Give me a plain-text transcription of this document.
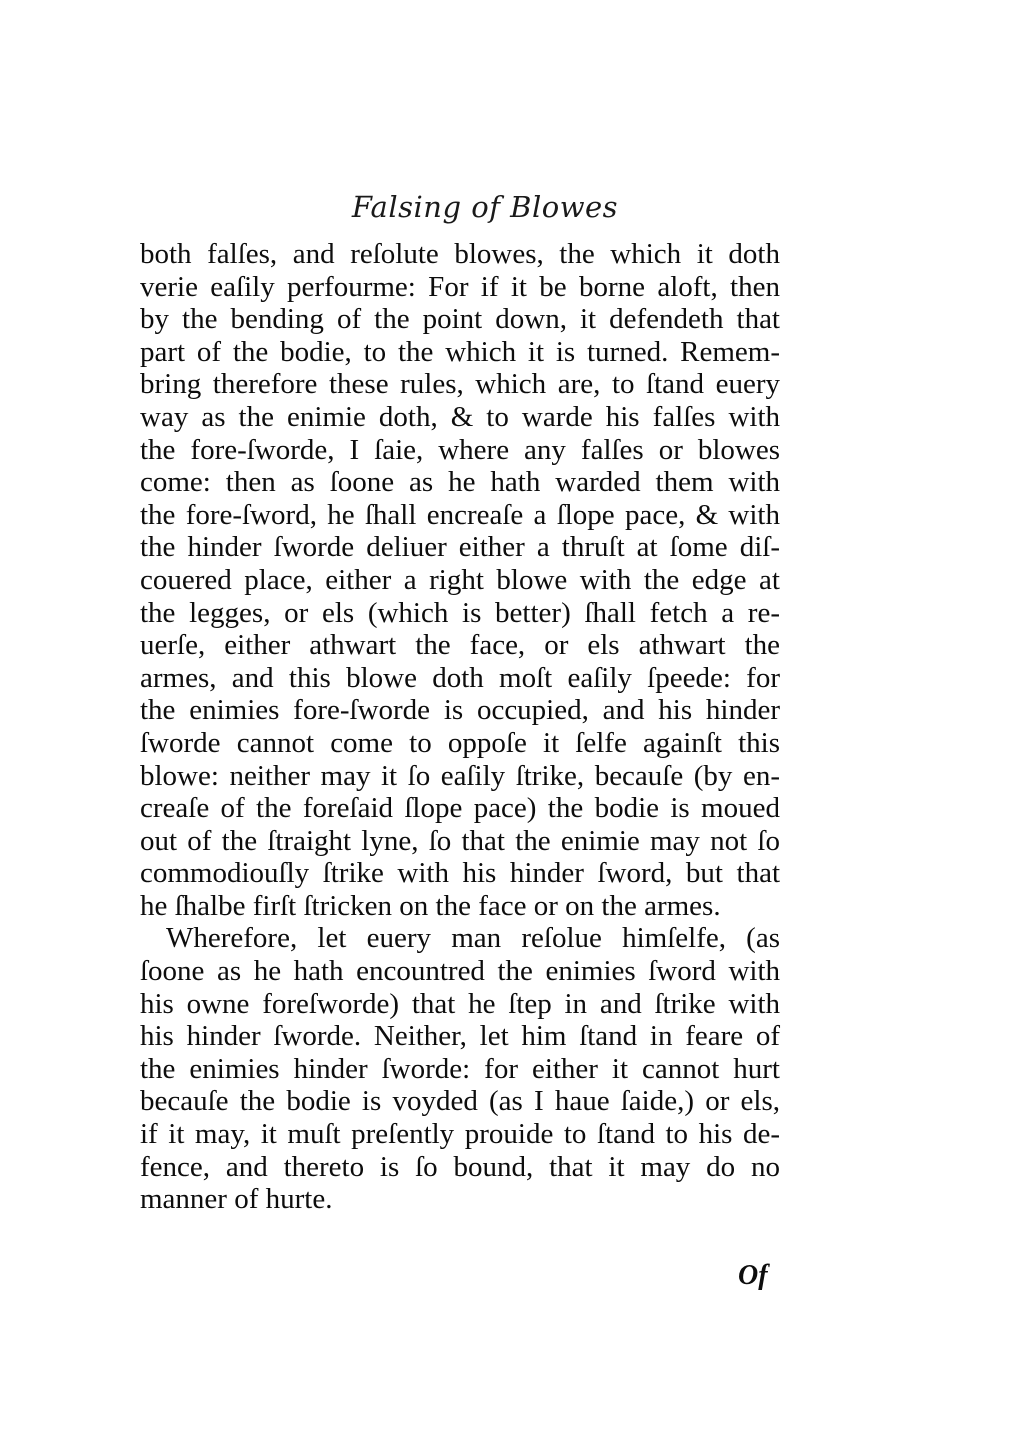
Falsing of Blowes
both falſes, and reſolute blowes, the which it doth
verie eaſily perfourme: For if it be borne aloft, then
by the bending of the point down, it defendeth that
part of the bodie, to the which it is turned. Remem-
bring therefore these rules, which are, to ſtand euery
way as the enimie doth, & to warde his falſes with
the fore-ſworde, I ſaie, where any falſes or blowes
come: then as ſoone as he hath warded them with
the fore-ſword, he ſhall encreaſe a ſlope pace, & with
the hinder ſworde deliuer either a thruſt at ſome diſ-
couered place, either a right blowe with the edge at
the legges, or els (which is better) ſhall fetch a re-
uerſe, either athwart the face, or els athwart the
armes, and this blowe doth moſt eaſily ſpeede: for
the enimies fore-ſworde is occupied, and his hinder
ſworde cannot come to oppoſe it ſelfe againſt this
blowe: neither may it ſo eaſily ſtrike, becauſe (by en-
creaſe of the foreſaid ſlope pace) the bodie is moued
out of the ſtraight lyne, ſo that the enimie may not ſo
commodiouſly ſtrike with his hinder ſword, but that
he ſhalbe firſt ſtricken on the face or on the armes.
Wherefore, let euery man reſolue himſelfe, (as
ſoone as he hath encountred the enimies ſword with
his owne foreſworde) that he ſtep in and ſtrike with
his hinder ſworde. Neither, let him ſtand in feare of
the enimies hinder ſworde: for either it cannot hurt
becauſe the bodie is voyded (as I haue ſaide,) or els,
if it may, it muſt preſently prouide to ſtand to his de-
fence, and thereto is ſo bound, that it may do no
manner of hurte.
Of
